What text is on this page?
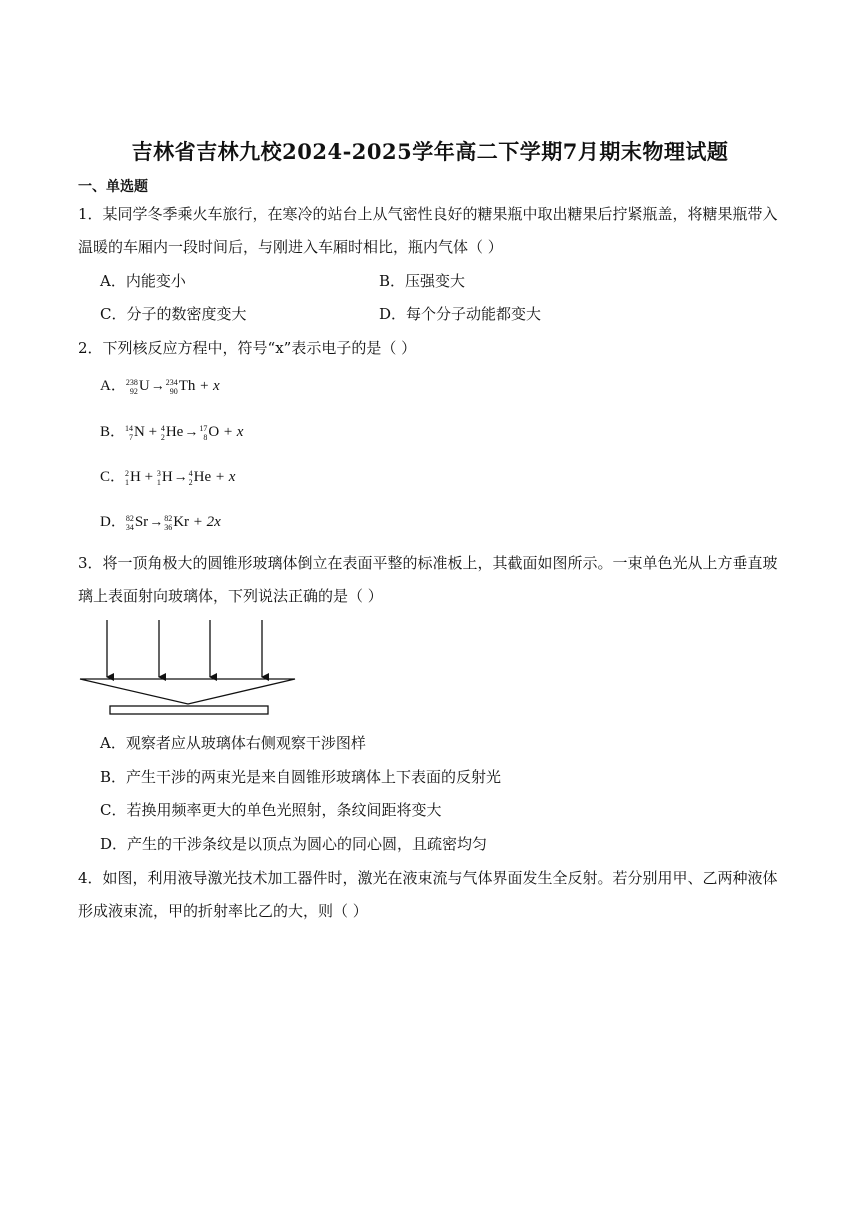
吉林省吉林九校2024-2025学年高二下学期7月期末物理试题
一、单选题
1．某同学冬季乘火车旅行，在寒冷的站台上从气密性良好的糖果瓶中取出糖果后拧紧瓶盖，将糖果瓶带入
温暖的车厢内一段时间后，与刚进入车厢时相比，瓶内气体（ ）
A．内能变小	B．压强变大
C．分子的数密度变大	D．每个分子动能都变大
2．下列核反应方程中，符号“x”表示电子的是（ ）
A． 238
92 U→ 234
90 Th + x
B． 14
7 N + 4
2 He→ 17
8 O + x
C． 2
1 H + 3
1 H→ 4
2 He + x
D． 82
34 Sr→ 82
36 Kr + 2x
3．将一顶角极大的圆锥形玻璃体倒立在表面平整的标准板上，其截面如图所示。一束单色光从上方垂直玻
璃上表面射向玻璃体，下列说法正确的是（ ）
A．观察者应从玻璃体右侧观察干涉图样
B．产生干涉的两束光是来自圆锥形玻璃体上下表面的反射光
C．若换用频率更大的单色光照射，条纹间距将变大
D．产生的干涉条纹是以顶点为圆心的同心圆，且疏密均匀
4．如图，利用液导激光技术加工器件时，激光在液束流与气体界面发生全反射。若分别用甲、乙两种液体
形成液束流，甲的折射率比乙的大，则（ ）
